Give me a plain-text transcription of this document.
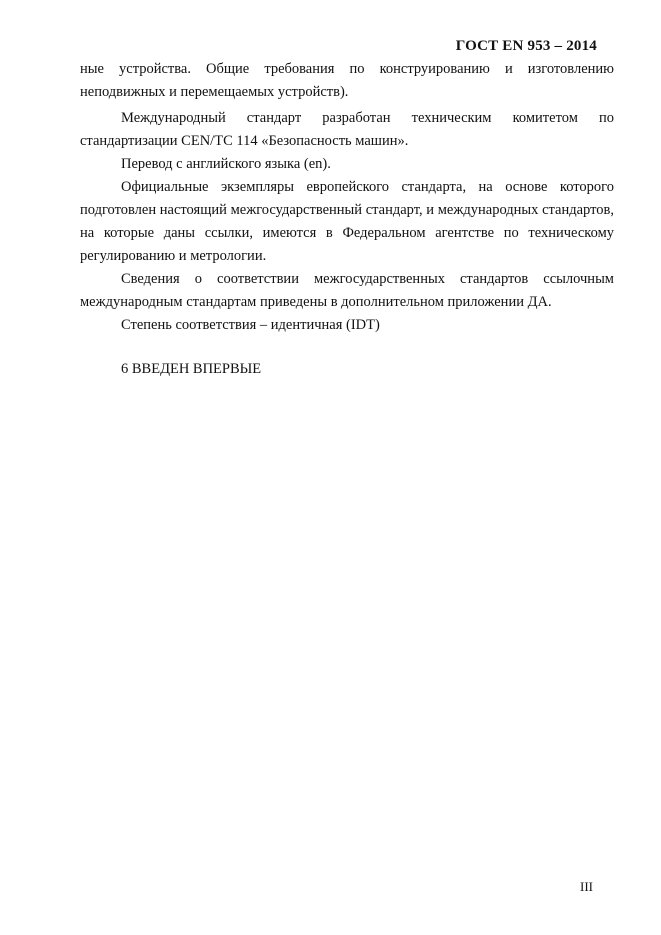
ГОСТ EN 953 – 2014

ные устройства. Общие требования по конструированию и изготовлению неподвижных и перемещаемых устройств).

Международный стандарт разработан техническим комитетом по стандартизации CEN/TC 114 «Безопасность машин».

Перевод с английского языка (en).

Официальные экземпляры европейского стандарта, на основе которого подготовлен настоящий межгосударственный стандарт, и международных стандартов, на которые даны ссылки, имеются в Федеральном агентстве по техническому регулированию и метрологии.

Сведения о соответствии межгосударственных стандартов ссылочным международным стандартам приведены в дополнительном приложении ДА.

Степень соответствия – идентичная (IDT)

6 ВВЕДЕН ВПЕРВЫЕ
III
